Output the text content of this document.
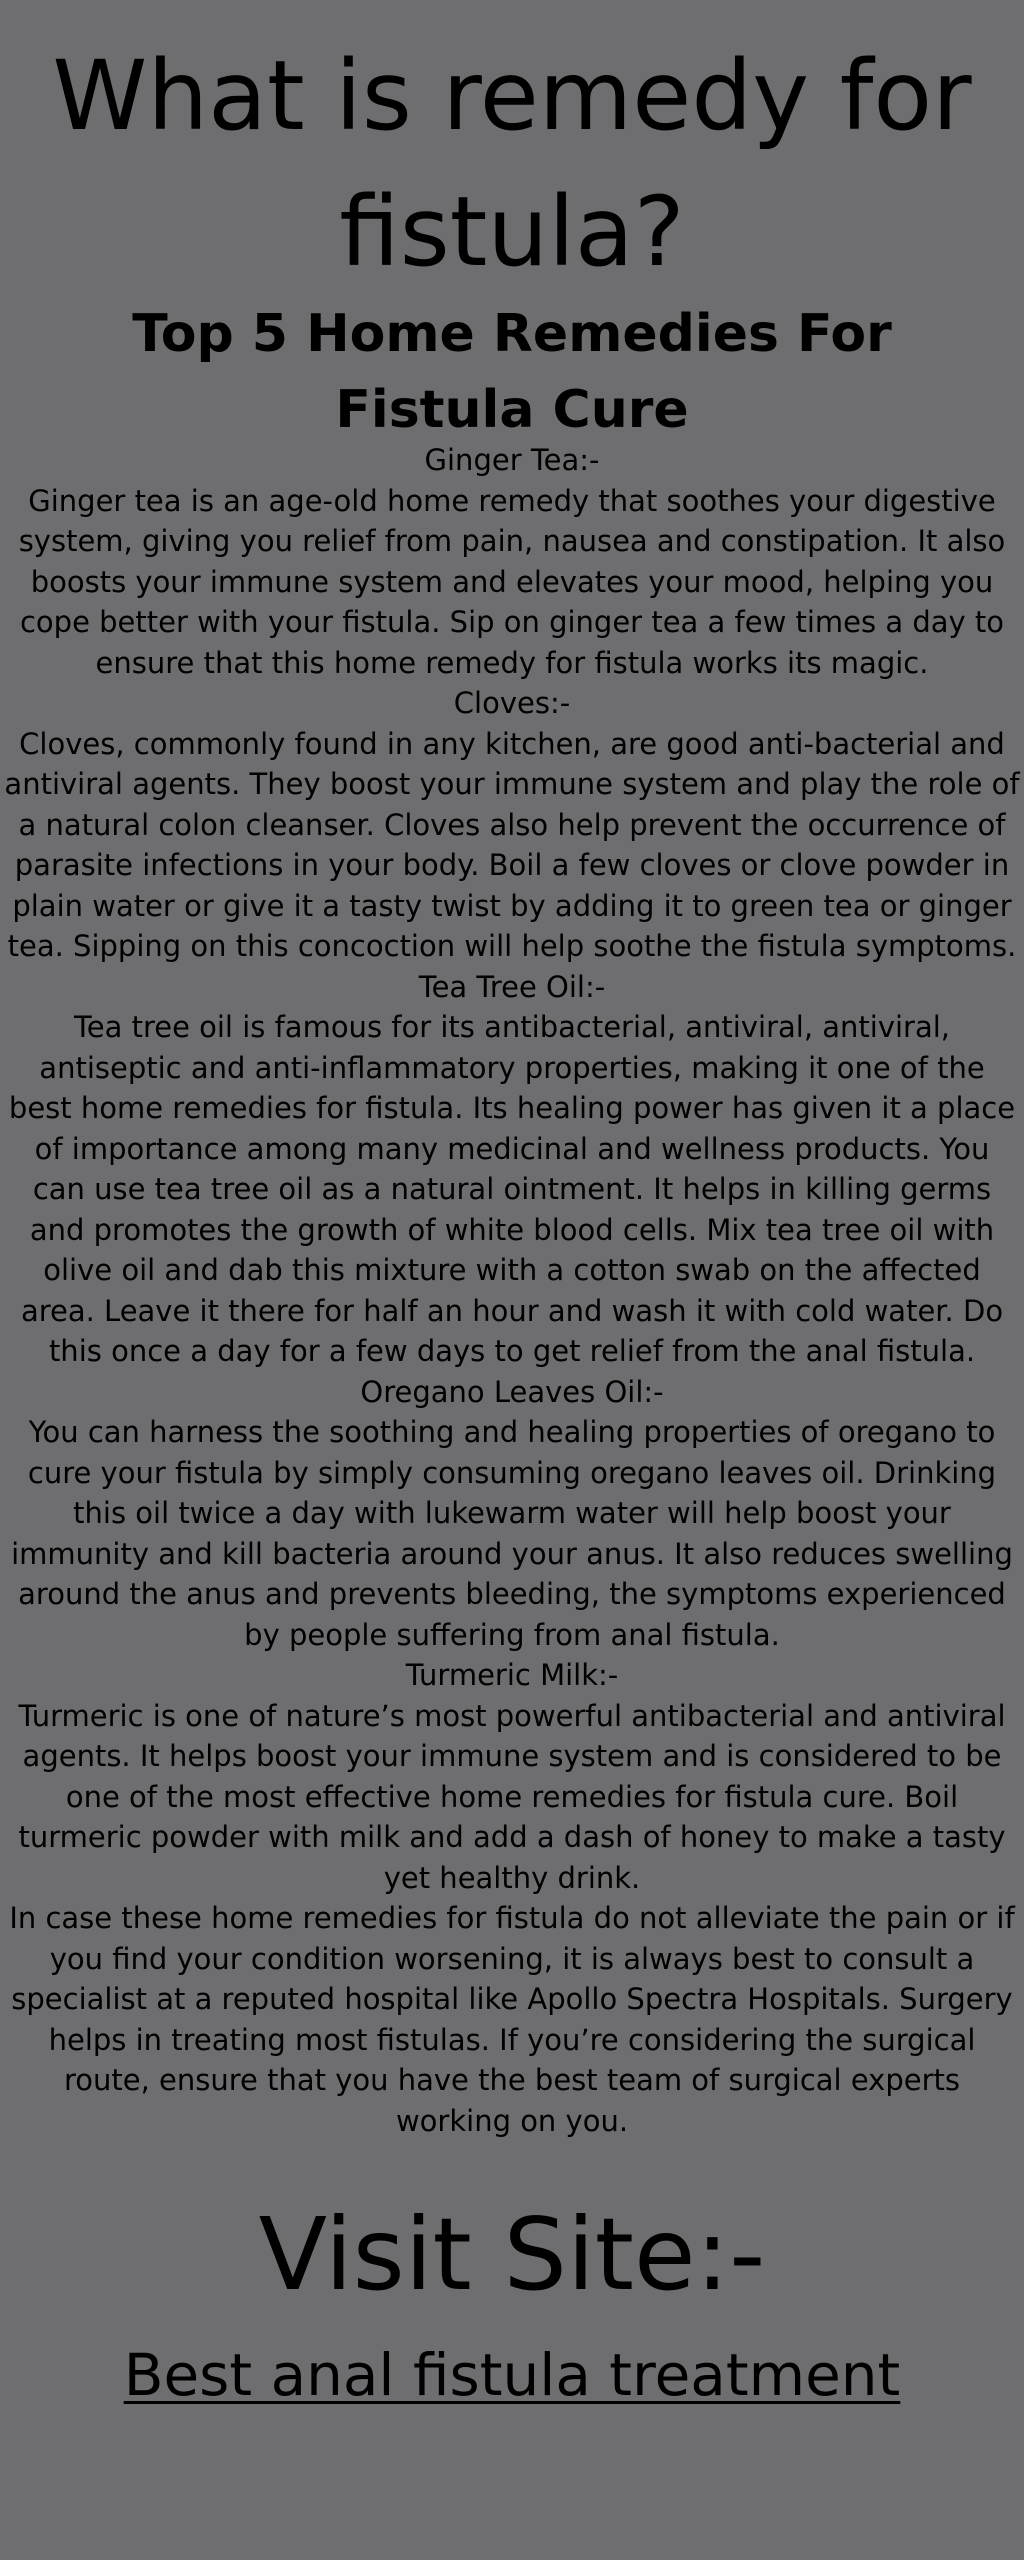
What is remedy for fistula?
Top 5 Home Remedies For Fistula Cure

Ginger Tea:-

Ginger tea is an age-old home remedy that soothes your digestive system, giving you relief from pain, nausea and constipation. It also boosts your immune system and elevates your mood, helping you cope better with your fistula. Sip on ginger tea a few times a day to ensure that this home remedy for fistula works its magic.

Cloves:-

Cloves, commonly found in any kitchen, are good anti-bacterial and antiviral agents. They boost your immune system and play the role of a natural colon cleanser. Cloves also help prevent the occurrence of parasite infections in your body. Boil a few cloves or clove powder in plain water or give it a tasty twist by adding it to green tea or ginger tea. Sipping on this concoction will help soothe the fistula symptoms.

Tea Tree Oil:-

Tea tree oil is famous for its antibacterial, antiviral, antiviral, antiseptic and anti-inflammatory properties, making it one of the best home remedies for fistula. Its healing power has given it a place of importance among many medicinal and wellness products. You can use tea tree oil as a natural ointment. It helps in killing germs and promotes the growth of white blood cells. Mix tea tree oil with olive oil and dab this mixture with a cotton swab on the affected area. Leave it there for half an hour and wash it with cold water. Do this once a day for a few days to get relief from the anal fistula.

Oregano Leaves Oil:-

You can harness the soothing and healing properties of oregano to cure your fistula by simply consuming oregano leaves oil. Drinking this oil twice a day with lukewarm water will help boost your immunity and kill bacteria around your anus. It also reduces swelling around the anus and prevents bleeding, the symptoms experienced by people suffering from anal fistula.

Turmeric Milk:-

Turmeric is one of nature’s most powerful antibacterial and antiviral agents. It helps boost your immune system and is considered to be one of the most effective home remedies for fistula cure. Boil turmeric powder with milk and add a dash of honey to make a tasty yet healthy drink.

In case these home remedies for fistula do not alleviate the pain or if you find your condition worsening, it is always best to consult a specialist at a reputed hospital like Apollo Spectra Hospitals. Surgery helps in treating most fistulas. If you’re considering the surgical route, ensure that you have the best team of surgical experts working on you.

Visit Site:-
Best anal fistula treatment
